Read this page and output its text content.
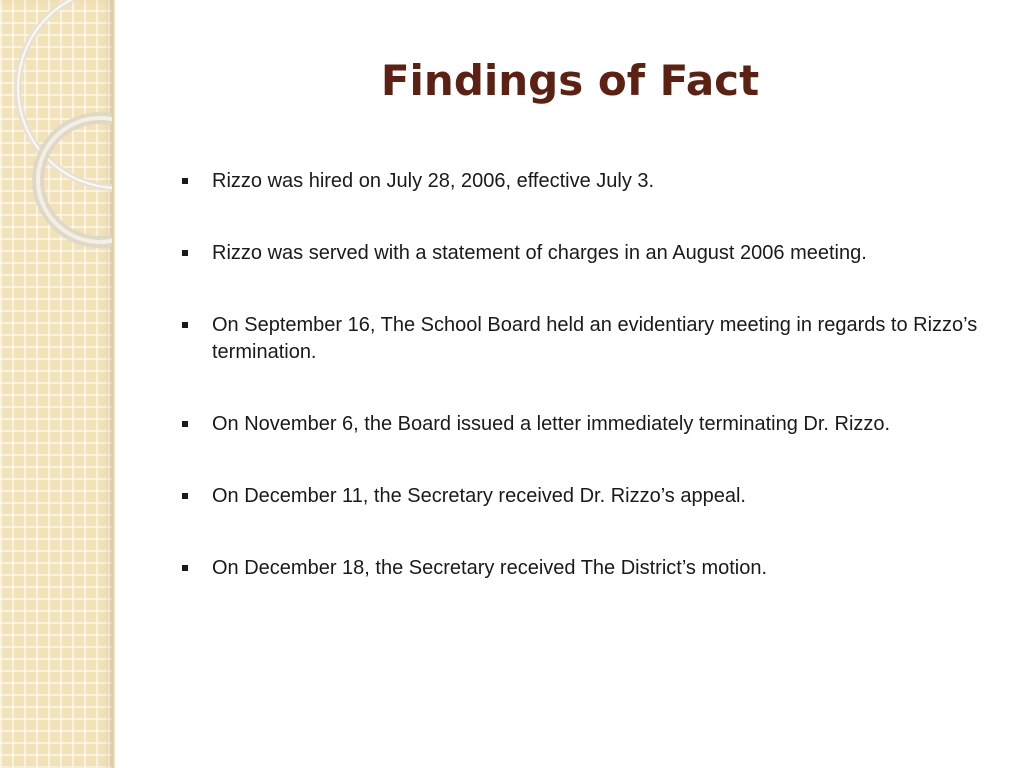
Findings of Fact
Rizzo was hired on July 28, 2006, effective July 3.
Rizzo was served with a statement of charges in an August 2006 meeting.
On September 16, The School Board held an evidentiary meeting in regards to Rizzo’s termination.
On November 6, the Board issued a letter immediately terminating Dr. Rizzo.
On December 11, the Secretary received Dr. Rizzo’s appeal.
On December 18, the Secretary received The District’s motion.
